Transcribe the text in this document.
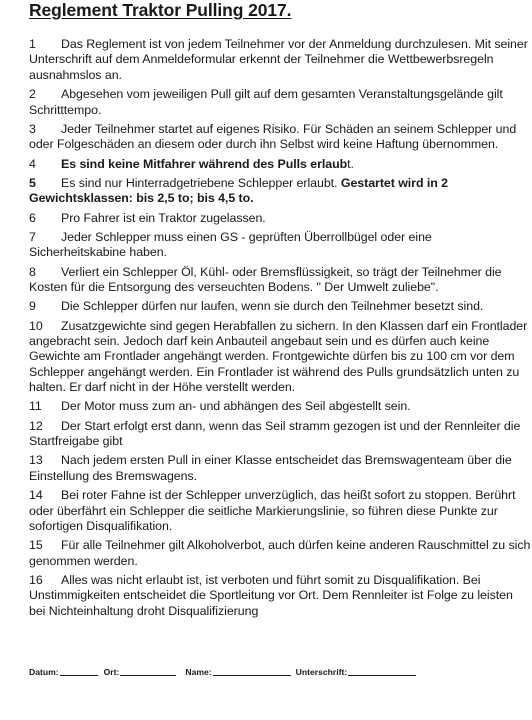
Reglement Traktor Pulling 2017.
1 Das Reglement ist von jedem Teilnehmer vor der Anmeldung durchzulesen. Mit seiner Unterschrift auf dem Anmeldeformular erkennt der Teilnehmer die Wettbewerbsregeln ausnahmslos an.
2 Abgesehen vom jeweiligen Pull gilt auf dem gesamten Veranstaltungsgelände gilt Schritttempo.
3 Jeder Teilnehmer startet auf eigenes Risiko. Für Schäden an seinem Schlepper und oder Folgeschäden an diesem oder durch ihn Selbst wird keine Haftung übernommen.
4 Es sind keine Mitfahrer während des Pulls erlaubt.
5 Es sind nur Hinterradgetriebene Schlepper erlaubt. Gestartet wird in 2 Gewichtsklassen: bis 2,5 to; bis 4,5 to.
6 Pro Fahrer ist ein Traktor zugelassen.
7 Jeder Schlepper muss einen GS - geprüften Überrollbügel oder eine Sicherheitskabine haben.
8 Verliert ein Schlepper Öl, Kühl- oder Bremsflüssigkeit, so trägt der Teilnehmer die Kosten für die Entsorgung des verseuchten Bodens. " Der Umwelt zuliebe".
9 Die Schlepper dürfen nur laufen, wenn sie durch den Teilnehmer besetzt sind.
10 Zusatzgewichte sind gegen Herabfallen zu sichern. In den Klassen darf ein Frontlader angebracht sein. Jedoch darf kein Anbauteil angebaut sein und es dürfen auch keine Gewichte am Frontlader angehängt werden. Frontgewichte dürfen bis zu 100 cm vor dem Schlepper angehängt werden. Ein Frontlader ist während des Pulls grundsätzlich unten zu halten. Er darf nicht in der Höhe verstellt werden.
11 Der Motor muss zum an- und abhängen des Seil abgestellt sein.
12 Der Start erfolgt erst dann, wenn das Seil stramm gezogen ist und der Rennleiter die Startfreigabe gibt
13 Nach jedem ersten Pull in einer Klasse entscheidet das Bremswagenteam über die Einstellung des Bremswagens.
14 Bei roter Fahne ist der Schlepper unverzüglich, das heißt sofort zu stoppen. Berührt oder überfährt ein Schlepper die seitliche Markierungslinie, so führen diese Punkte zur sofortigen Disqualifikation.
15 Für alle Teilnehmer gilt Alkoholverbot, auch dürfen keine anderen Rauschmittel zu sich genommen werden.
16 Alles was nicht erlaubt ist, ist verboten und führt somit zu Disqualifikation. Bei Unstimmigkeiten entscheidet die Sportleitung vor Ort. Dem Rennleiter ist Folge zu leisten bei Nichteinhaltung droht Disqualifizierung
Datum:	Ort:	Name:	Unterschrift:
